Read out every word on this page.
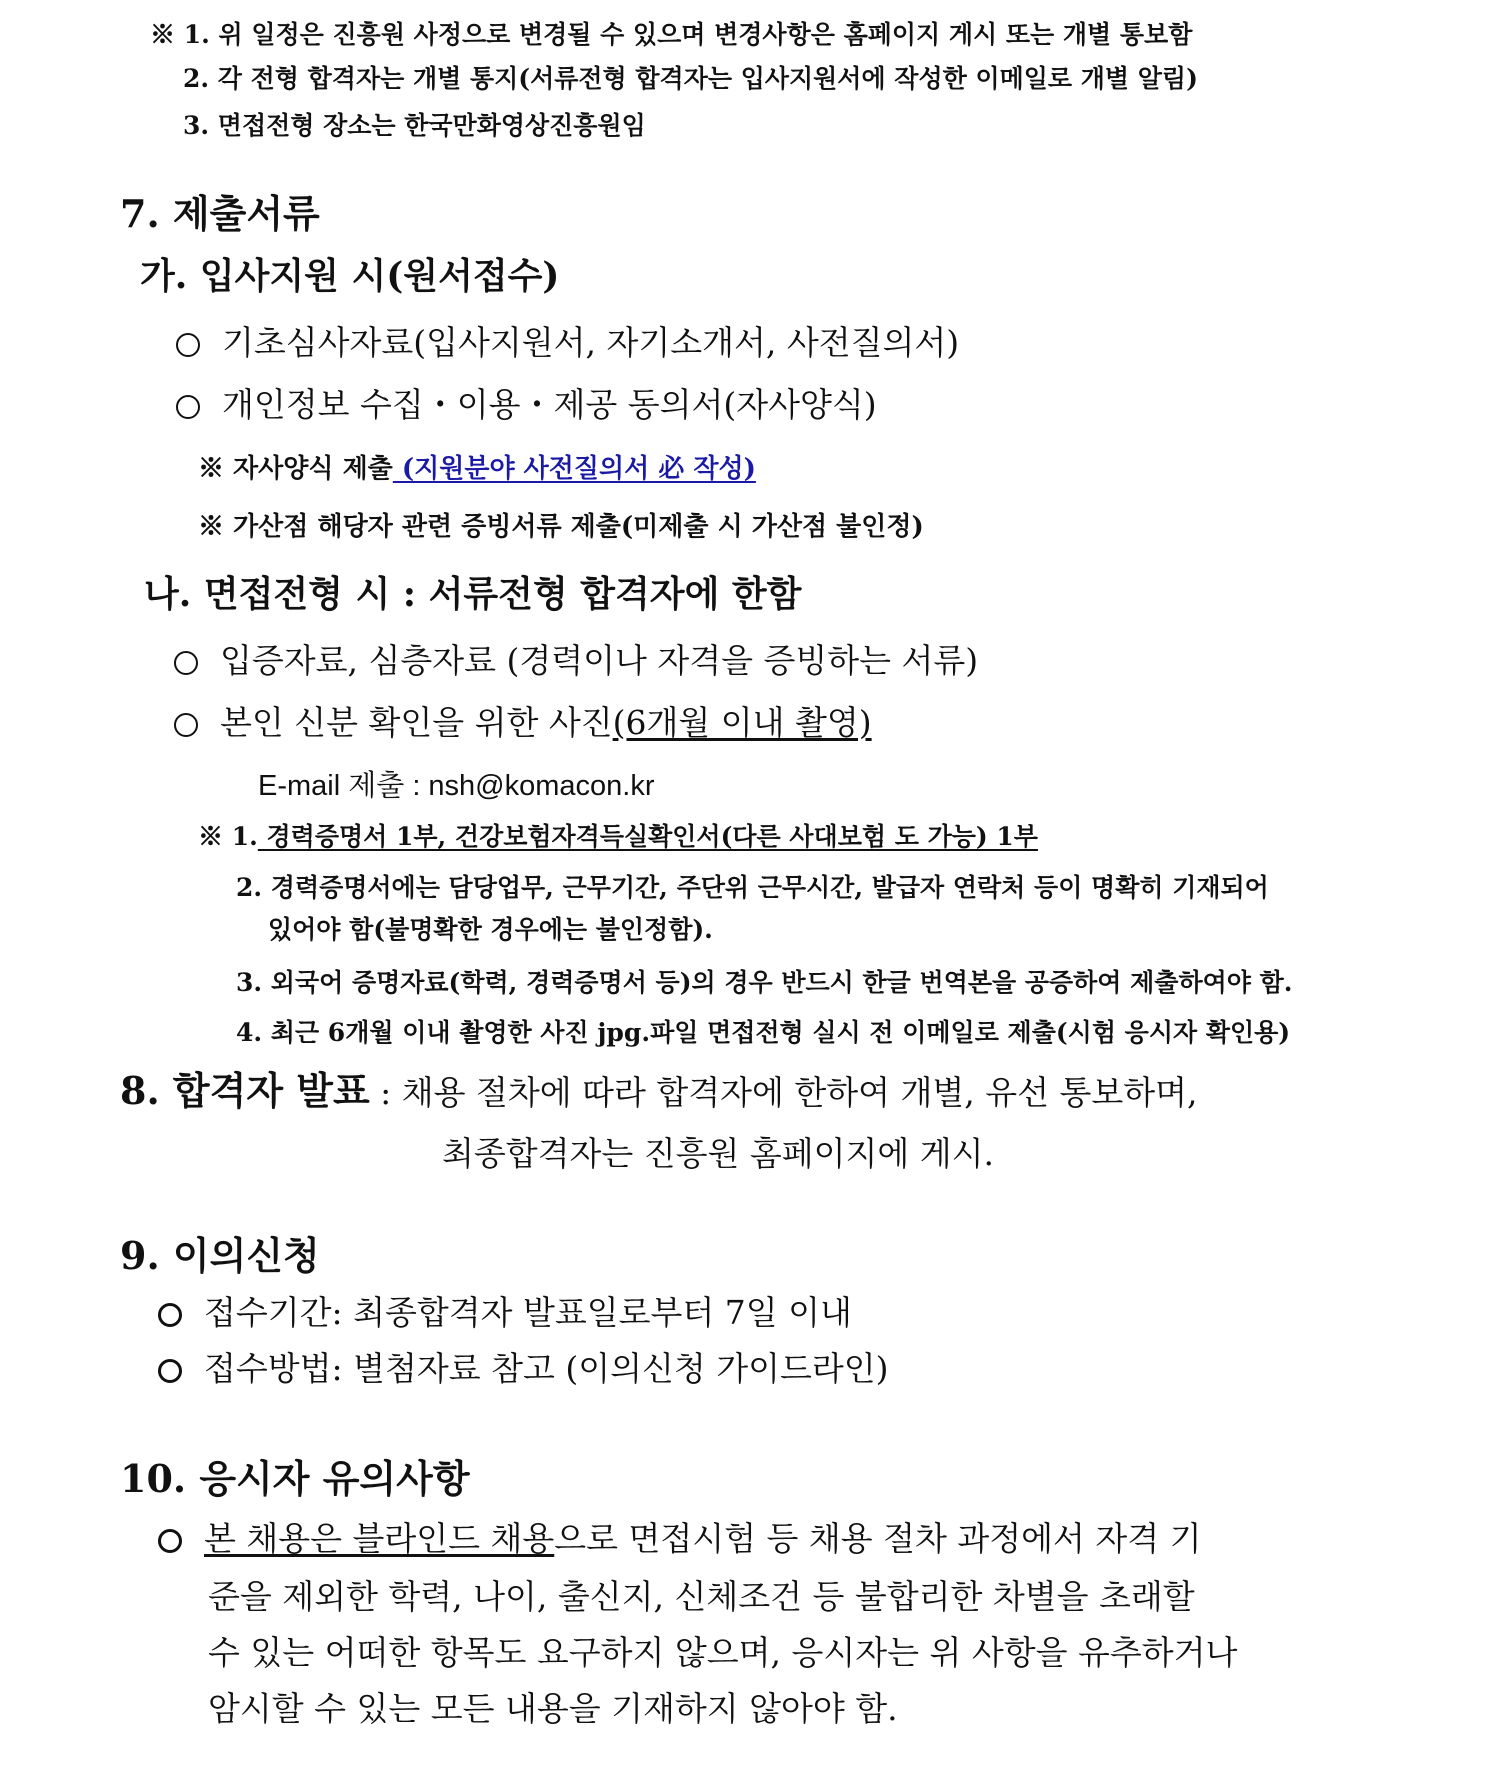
※ 1. 위 일정은 진흥원 사정으로 변경될 수 있으며 변경사항은 홈페이지 게시 또는 개별 통보함
2. 각 전형 합격자는 개별 통지(서류전형 합격자는 입사지원서에 작성한 이메일로 개별 알림)
3. 면접전형 장소는 한국만화영상진흥원임
7. 제출서류
가. 입사지원 시(원서접수)
기초심사자료(입사지원서, 자기소개서, 사전질의서)
개인정보 수집・이용・제공 동의서(자사양식)
※ 자사양식 제출 (지원분야 사전질의서 必 작성)
※ 가산점 해당자 관련 증빙서류 제출(미제출 시 가산점 불인정)
나. 면접전형 시 : 서류전형 합격자에 한함
입증자료, 심층자료 (경력이나 자격을 증빙하는 서류)
본인 신분 확인을 위한 사진(6개월 이내 촬영)
E-mail 제출 : nsh@komacon.kr
※ 1. 경력증명서 1부, 건강보험자격득실확인서(다른 사대보험 도 가능) 1부
2. 경력증명서에는 담당업무, 근무기간, 주단위 근무시간, 발급자 연락처 등이 명확히 기재되어
있어야 함(불명확한 경우에는 불인정함).
3. 외국어 증명자료(학력, 경력증명서 등)의 경우 반드시 한글 번역본을 공증하여 제출하여야 함.
4. 최근 6개월 이내 촬영한 사진 jpg.파일 면접전형 실시 전 이메일로 제출(시험 응시자 확인용)
8. 합격자 발표 : 채용 절차에 따라 합격자에 한하여 개별, 유선 통보하며,
최종합격자는 진흥원 홈페이지에 게시.
9. 이의신청
접수기간: 최종합격자 발표일로부터 7일 이내
접수방법: 별첨자료 참고 (이의신청 가이드라인)
10. 응시자 유의사항
본 채용은 블라인드 채용으로 면접시험 등 채용 절차 과정에서 자격 기
준을 제외한 학력, 나이, 출신지, 신체조건 등 불합리한 차별을 초래할
수 있는 어떠한 항목도 요구하지 않으며, 응시자는 위 사항을 유추하거나
암시할 수 있는 모든 내용을 기재하지 않아야 함.
